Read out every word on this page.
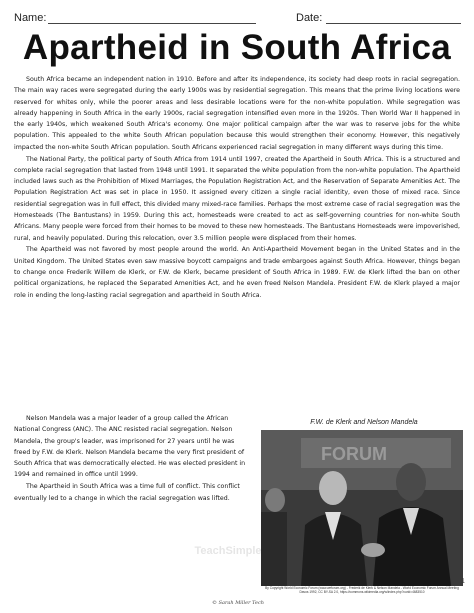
Name:	Date:
Apartheid in South Africa

South Africa became an independent nation in 1910. Before and after its independence, its society had deep roots in racial segregation. The main way races were segregated during the early 1900s was by residential segregation. This means that the prime living locations were reserved for whites only, while the poorer areas and less desirable locations were for the non-white population. While segregation was already happening in South Africa in the early 1900s, racial segregation intensified even more in the 1920s. Then World War II happened in the early 1940s, which weakened South Africa's economy. One major political campaign after the war was to reserve jobs for the white population. This appealed to the white South African population because this would strengthen their economy. However, this negatively impacted the non-white South African population. South Africans experienced racial segregation in many different ways during this time.

The National Party, the political party of South Africa from 1914 until 1997, created the Apartheid in South Africa. This is a structured and complete racial segregation that lasted from 1948 until 1991. It separated the white population from the non-white population. The Apartheid included laws such as the Prohibition of Mixed Marriages, the Population Registration Act, and the Reservation of Separate Amenities Act. The Population Registration Act was set in place in 1950. It assigned every citizen a single racial identity, even those of mixed race. Since residential segregation was in full effect, this divided many mixed-race families. Perhaps the most extreme case of racial segregation was the Homesteads (The Bantustans) in 1959. During this act, homesteads were created to act as self-governing countries for non-white South Africans. Many people were forced from their homes to be moved to these new homesteads. The Bantustans Homesteads were impoverished, rural, and heavily populated. During this relocation, over 3.5 million people were displaced from their homes.

The Apartheid was not favored by most people around the world. An Anti-Apartheid Movement began in the United States and in the United Kingdom. The United States even saw massive boycott campaigns and trade embargoes against South Africa. However, things began to change once Frederik Willem de Klerk, or F.W. de Klerk, became president of South Africa in 1989. F.W. de Klerk lifted the ban on other political organizations, he replaced the Separated Amenities Act, and he even freed Nelson Mandela. President F.W. de Klerk played a major role in ending the long-lasting racial segregation and apartheid in South Africa.

Nelson Mandela was a major leader of a group called the African National Congress (ANC). The ANC resisted racial segregation. Nelson Mandela, the group's leader, was imprisoned for 27 years until he was freed by F.W. de Klerk. Nelson Mandela became the very first president of South Africa that was democratically elected. He was elected president in 1994 and remained in office until 1999.

The Apartheid in South Africa was a time full of conflict. This conflict eventually led to a change in which the racial segregation was lifted.

F.W. de Klerk and Nelson Mandela
FORUM
By Copyright World Economic Forum (www.weforum.org) - Frederik de Klerk & Nelson Mandela - World Economic Forum Annual Meeting Davos 1992, CC BY-SA 2.0, https://commons.wikimedia.org/w/index.php?curid=4683510
1
TeachSimple
© Sarah Miller Tech
